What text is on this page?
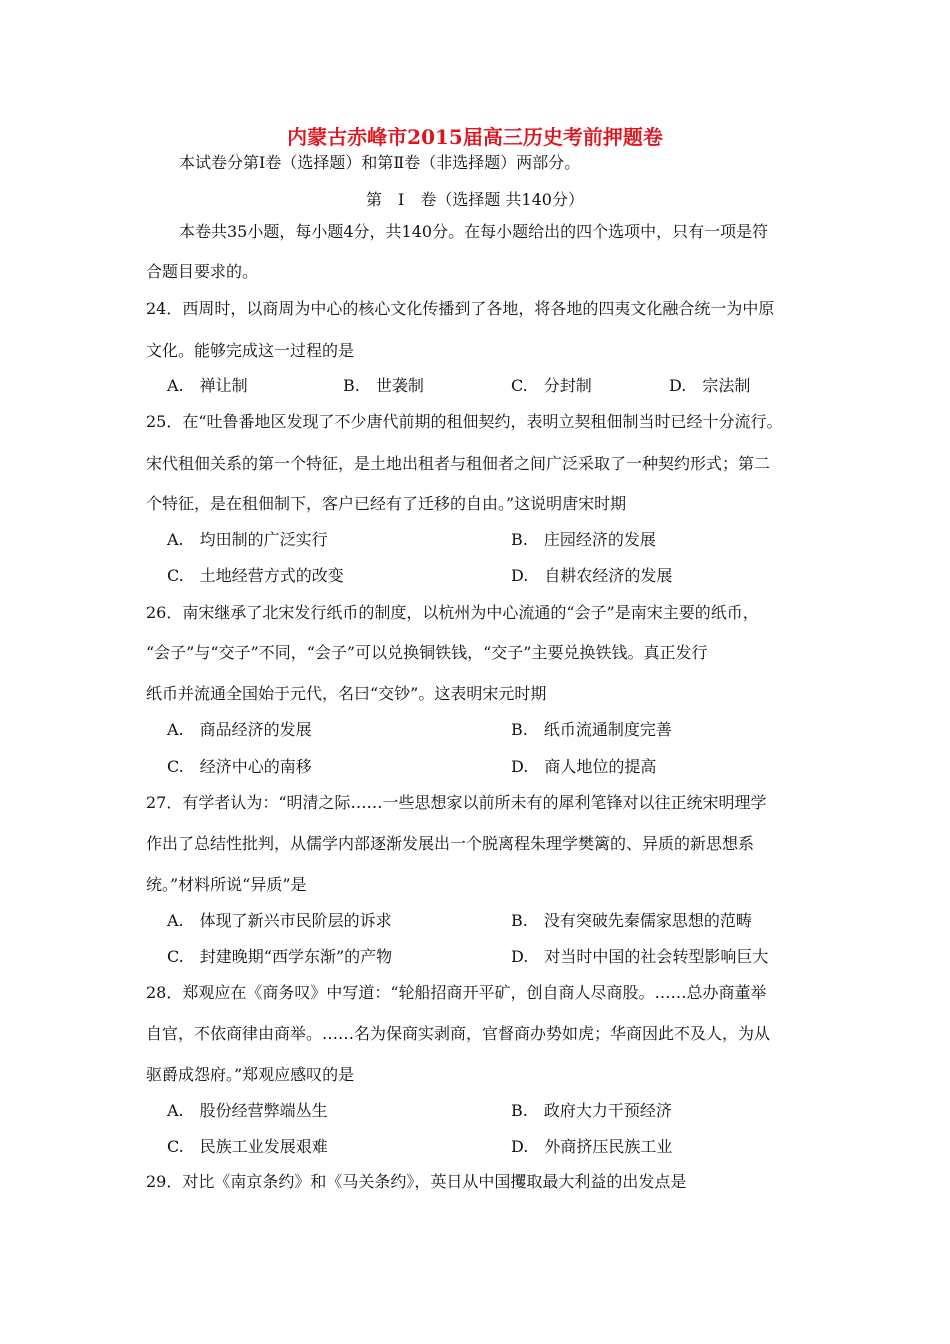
内蒙古赤峰市2015届高三历史考前押题卷
本试卷分第Ⅰ卷（选择题）和第Ⅱ卷（非选择题）两部分。
第　Ⅰ　卷（选择题 共140分）
本卷共35小题，每小题4分，共140分。在每小题给出的四个选项中，只有一项是符
合题目要求的。
24．西周时，以商周为中心的核心文化传播到了各地，将各地的四夷文化融合统一为中原
文化。能够完成这一过程的是
A.　禅让制	B.　世袭制	C.　分封制	D.　宗法制
25．在“吐鲁番地区发现了不少唐代前期的租佃契约，表明立契租佃制当时已经十分流行。
宋代租佃关系的第一个特征，是土地出租者与租佃者之间广泛采取了一种契约形式；第二
个特征，是在租佃制下，客户已经有了迁移的自由。”这说明唐宋时期
A.　均田制的广泛实行	B.　庄园经济的发展
C.　土地经营方式的改变	D.　自耕农经济的发展
26．南宋继承了北宋发行纸币的制度，以杭州为中心流通的“会子”是南宋主要的纸币，
“会子”与“交子”不同，“会子”可以兑换铜铁钱，“交子”主要兑换铁钱。真正发行
纸币并流通全国始于元代，名曰“交钞”。这表明宋元时期
A.　商品经济的发展	B.　纸币流通制度完善
C.　经济中心的南移	D.　商人地位的提高
27．有学者认为：“明清之际……一些思想家以前所未有的犀利笔锋对以往正统宋明理学
作出了总结性批判，从儒学内部逐渐发展出一个脱离程朱理学樊篱的、异质的新思想系
统。”材料所说“异质”是
A.　体现了新兴市民阶层的诉求	B.　没有突破先秦儒家思想的范畴
C.　封建晚期“西学东渐”的产物	D.　对当时中国的社会转型影响巨大
28．郑观应在《商务叹》中写道：“轮船招商开平矿，创自商人尽商股。……总办商董举
自官，不依商律由商举。……名为保商实剥商，官督商办势如虎；华商因此不及人，为从
驱爵成怨府。”郑观应感叹的是
A.　股份经营弊端丛生	B.　政府大力干预经济
C.　民族工业发展艰难	D.　外商挤压民族工业
29．对比《南京条约》和《马关条约》，英日从中国攫取最大利益的出发点是
